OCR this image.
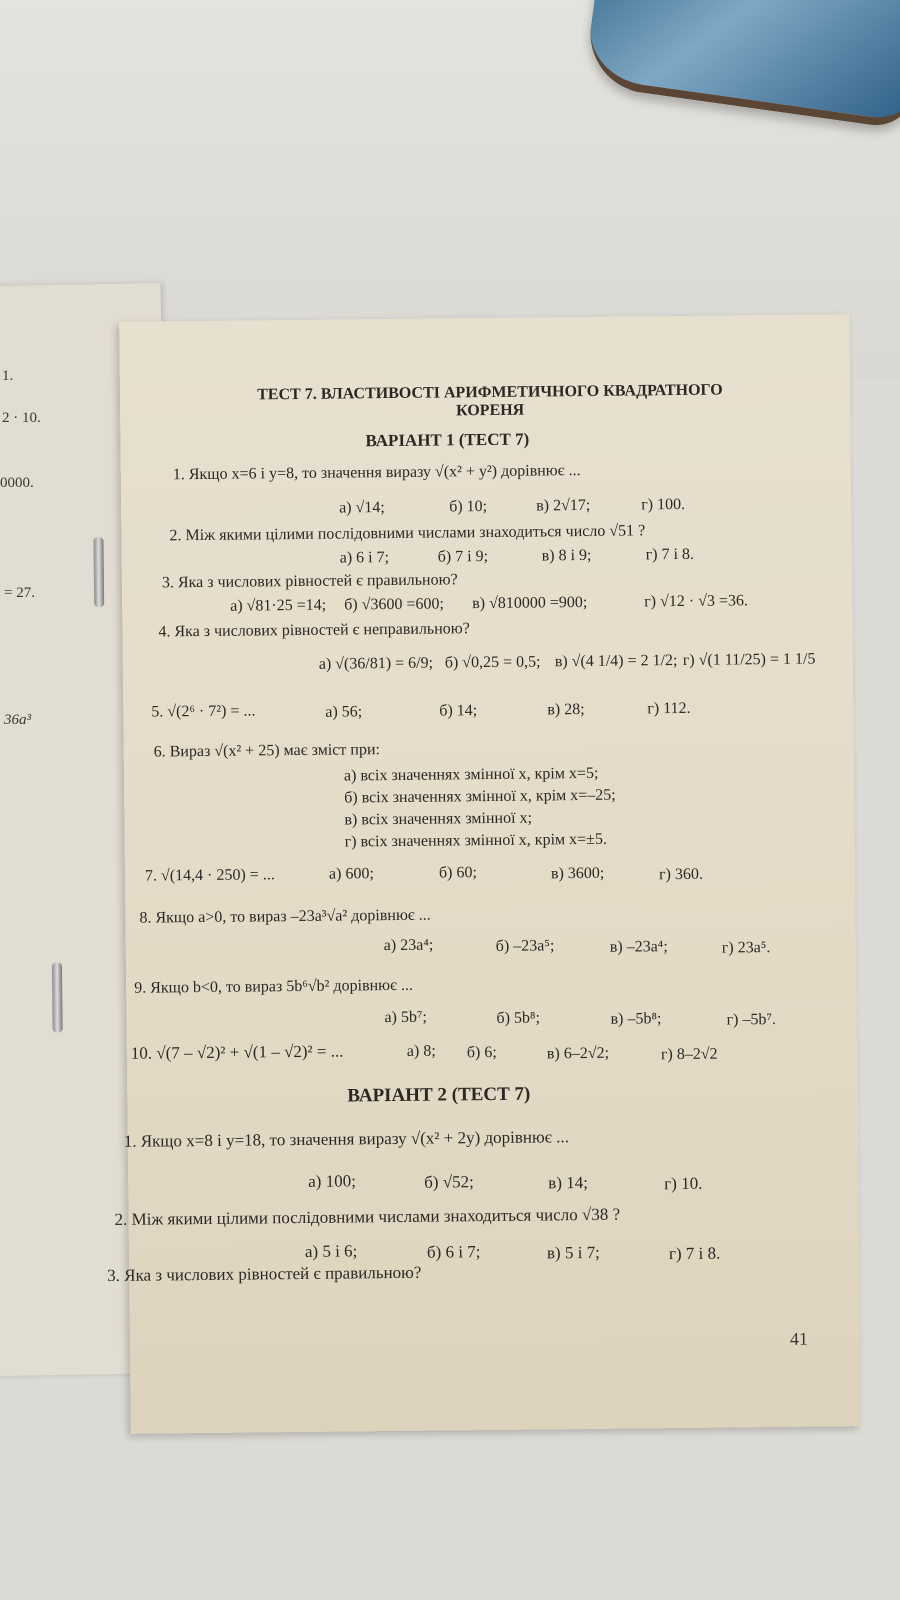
1.
2 · 10.
0000.
= 27.
36a³
ТЕСТ 7. ВЛАСТИВОСТІ АРИФМЕТИЧНОГО КВАДРАТНОГО
КОРЕНЯ
ВАРІАНТ 1 (ТЕСТ 7)
1. Якщо x=6 і y=8, то значення виразу √(x² + y²) дорівнює ...
а) √14;	б) 10;	в) 2√17;	г) 100.
2. Між якими цілими послідовними числами знаходиться число √51 ?
а) 6 і 7;	б) 7 і 9;	в) 8 і 9;	г) 7 і 8.
3. Яка з числових рівностей є правильною?
а) √81·25 =14; б) √3600 =600; в) √810000 =900;	г) √12 · √3 =36.
4. Яка з числових рівностей є неправильною?
а) √(36/81) = 6/9; б) √0,25 = 0,5; в) √(4 1/4) = 2 1/2; г) √(1 11/25) = 1 1/5
5. √(2⁶ · 7²) = ...	а) 56;	б) 14;	в) 28;	г) 112.
6. Вираз √(x² + 25) має зміст при:
а) всіх значеннях змінної x, крім x=5;
б) всіх значеннях змінної x, крім x=–25;
в) всіх значеннях змінної x;
г) всіх значеннях змінної x, крім x=±5.
7. √(14,4 · 250) = ...	а) 600;	б) 60;	в) 3600;	г) 360.
8. Якщо a>0, то вираз –23a³√a² дорівнює ...
а) 23a⁴;	б) –23a⁵;	в) –23a⁴;	г) 23a⁵.
9. Якщо b<0, то вираз 5b⁶√b² дорівнює ...
а) 5b⁷;	б) 5b⁸;	в) –5b⁸;	г) –5b⁷.
10. √(7 – √2)² + √(1 – √2)² = ...	а) 8; б) 6;	в) 6–2√2;	г) 8–2√2
ВАРІАНТ 2 (ТЕСТ 7)
1. Якщо x=8 і y=18, то значення виразу √(x² + 2y) дорівнює ...
а) 100;	б) √52;	в) 14;	г) 10.
2. Між якими цілими послідовними числами знаходиться число √38 ?
а) 5 і 6;	б) 6 і 7;	в) 5 і 7;	г) 7 і 8.
3. Яка з числових рівностей є правильною?
41
